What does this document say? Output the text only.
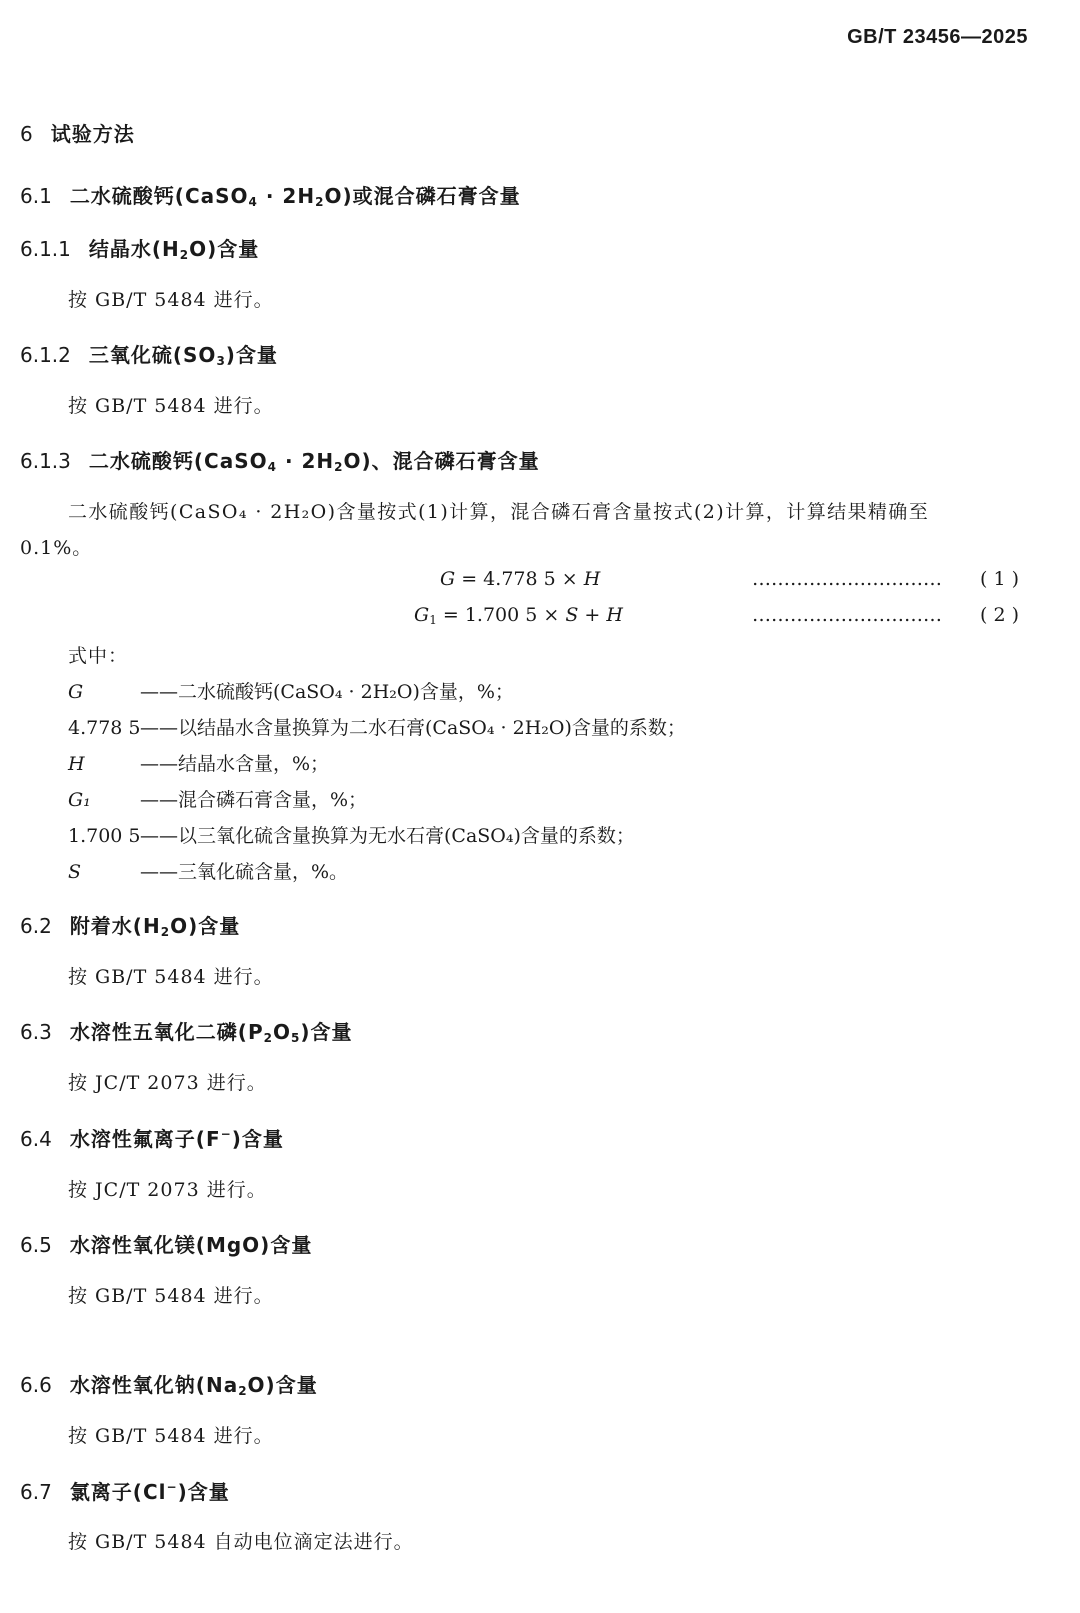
GB/T 23456—2025
6 试验方法
6.1 二水硫酸钙(CaSO$_4$ · $2H_2O$)或混合磷石膏含量
6.1.1 结晶水$(H_2O)$含量
按 GB/T 5484 进行。
6.1.2 三氧化硫$(SO_3)$含量
按 GB/T 5484 进行。
6.1.3 二水硫酸钙(CaSO$_4$ · $2H_2O$)、混合磷石膏含量
二水硫酸钙(CaSO₄ · 2H₂O)含量按式(1)计算，混合磷石膏含量按式(2)计算，计算结果精确至
0.1%。
G = 4.778 5 × H	………………………… ( 1 )
$G_1 = 1.700$ 5 × S + H	………………………… ( 2 )
式中：
G	——二水硫酸钙(CaSO₄ · 2H₂O)含量，%；
4.778 5——以结晶水含量换算为二水石膏(CaSO₄ · 2H₂O)含量的系数；
H	——结晶水含量，%；
G₁	——混合磷石膏含量，%；
1.700 5——以三氧化硫含量换算为无水石膏(CaSO₄)含量的系数；
S	——三氧化硫含量，%。
6.2 附着水$(H_2O)$含量
按 GB/T 5484 进行。
6.3 水溶性五氧化二磷$(P_2O_5)$含量
按 JC/T 2073 进行。
6.4 水溶性氟离子(F−)含量
按 JC/T 2073 进行。
6.5 水溶性氧化镁(MgO)含量
按 GB/T 5484 进行。
6.6 水溶性氧化钠$(Na_2O)$含量
按 GB/T 5484 进行。
6.7 氯离子(Cl−)含量
按 GB/T 5484 自动电位滴定法进行。
